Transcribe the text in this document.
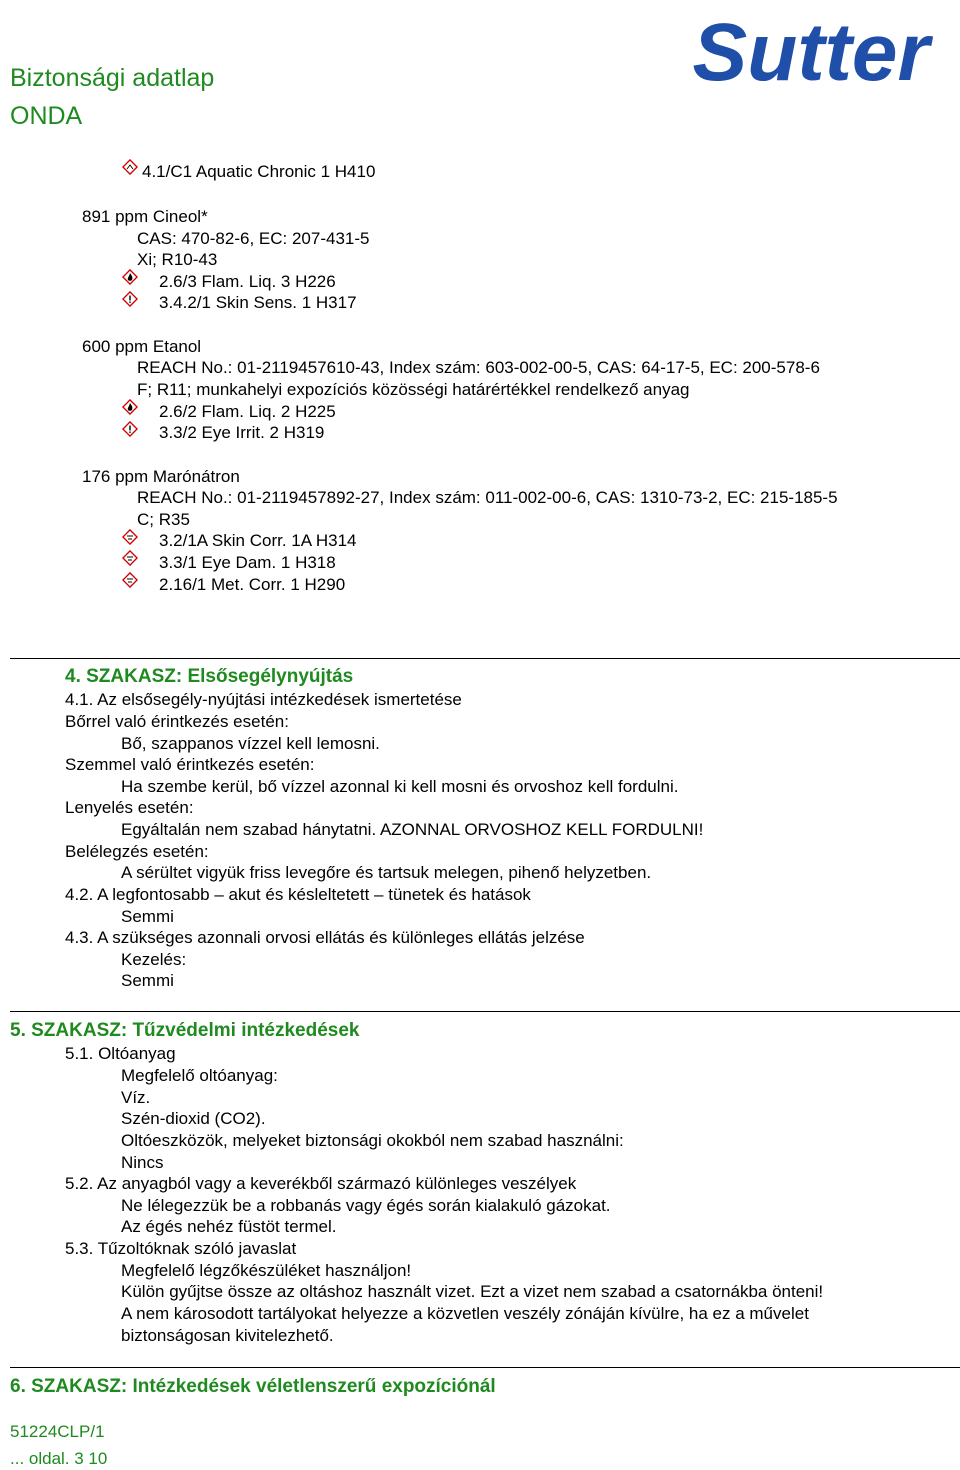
Biztonsági adatlap
ONDA
Sutter
4.1/C1 Aquatic Chronic 1 H410
891 ppm Cineol*
CAS: 470-82-6, EC: 207-431-5
Xi; R10-43
2.6/3 Flam. Liq. 3 H226
3.4.2/1 Skin Sens. 1 H317
600 ppm Etanol
REACH No.: 01-2119457610-43, Index szám: 603-002-00-5, CAS: 64-17-5, EC: 200-578-6
F; R11; munkahelyi expozíciós közösségi határértékkel rendelkező anyag
2.6/2 Flam. Liq. 2 H225
3.3/2 Eye Irrit. 2 H319
176 ppm Marónátron
REACH No.: 01-2119457892-27, Index szám: 011-002-00-6, CAS: 1310-73-2, EC: 215-185-5
C; R35
3.2/1A Skin Corr. 1A H314
3.3/1 Eye Dam. 1 H318
2.16/1 Met. Corr. 1 H290
4. SZAKASZ: Elsősegélynyújtás
4.1. Az elsősegély-nyújtási intézkedések ismertetése
Bőrrel való érintkezés esetén:
Bő, szappanos vízzel kell lemosni.
Szemmel való érintkezés esetén:
Ha szembe kerül, bő vízzel azonnal ki kell mosni és orvoshoz kell fordulni.
Lenyelés esetén:
Egyáltalán nem szabad hánytatni. AZONNAL ORVOSHOZ KELL FORDULNI!
Belélegzés esetén:
A sérültet vigyük friss levegőre és tartsuk melegen, pihenő helyzetben.
4.2. A legfontosabb – akut és késleltetett – tünetek és hatások
Semmi
4.3. A szükséges azonnali orvosi ellátás és különleges ellátás jelzése
Kezelés:
Semmi
5. SZAKASZ: Tűzvédelmi intézkedések
5.1. Oltóanyag
Megfelelő oltóanyag:
Víz.
Szén-dioxid (CO2).
Oltóeszközök, melyeket biztonsági okokból nem szabad használni:
Nincs
5.2. Az anyagból vagy a keverékből származó különleges veszélyek
Ne lélegezzük be a robbanás vagy égés során kialakuló gázokat.
Az égés nehéz füstöt termel.
5.3. Tűzoltóknak szóló javaslat
Megfelelő légzőkészüléket használjon!
Külön gyűjtse össze az oltáshoz használt vizet. Ezt a vizet nem szabad a csatornákba önteni!
A nem károsodott tartályokat helyezze a közvetlen veszély zónáján kívülre, ha ez a művelet
biztonságosan kivitelezhető.
6. SZAKASZ: Intézkedések véletlenszerű expozíciónál
51224CLP/1
... oldal. 3 10
